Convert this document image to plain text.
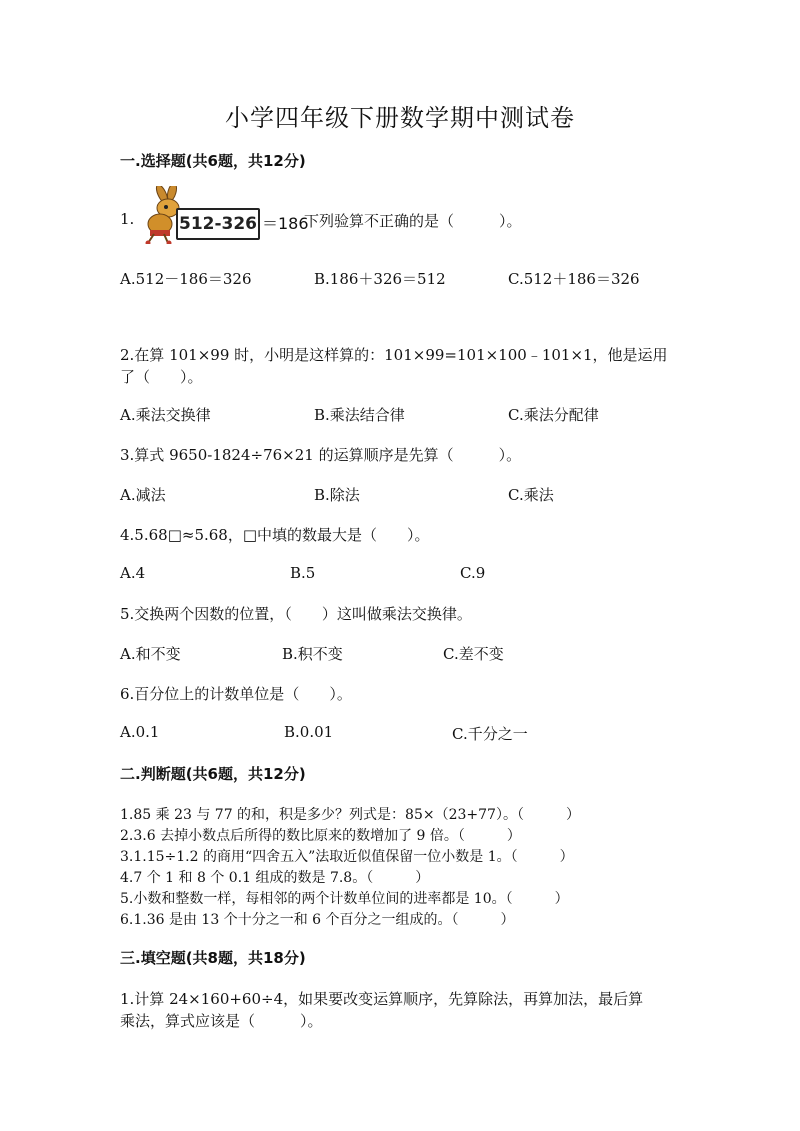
小学四年级下册数学期中测试卷
一.选择题(共6题，共12分)
1.	512-326 ＝186
下列验算不正确的是（　　　）。
A.512－186＝326	B.186＋326＝512	C.512＋186＝326
2.在算 101×99 时，小明是这样算的：101×99=101×100﹣101×1，他是运用
了（　　）。
A.乘法交换律	B.乘法结合律	C.乘法分配律
3.算式 9650-1824÷76×21 的运算顺序是先算（　　　）。
A.减法	B.除法	C.乘法
4.5.68□≈5.68，□中填的数最大是（　　）。
A.4	B.5	C.9
5.交换两个因数的位置，（　　）这叫做乘法交换律。
A.和不变	B.积不变	C.差不变
6.百分位上的计数单位是（　　）。
A.0.1	B.0.01	C.千分之一
二.判断题(共6题，共12分)
1.85 乘 23 与 77 的和，积是多少？列式是：85×（23+77）。（　　　）
2.3.6 去掉小数点后所得的数比原来的数增加了 9 倍。（　　　）
3.1.15÷1.2 的商用“四舍五入”法取近似值保留一位小数是 1。（　　　）
4.7 个 1 和 8 个 0.1 组成的数是 7.8。（　　　）
5.小数和整数一样，每相邻的两个计数单位间的进率都是 10。（　　　）
6.1.36 是由 13 个十分之一和 6 个百分之一组成的。（　　　）
三.填空题(共8题，共18分)
1.计算 24×160+60÷4，如果要改变运算顺序，先算除法，再算加法，最后算
乘法，算式应该是（　　　）。
